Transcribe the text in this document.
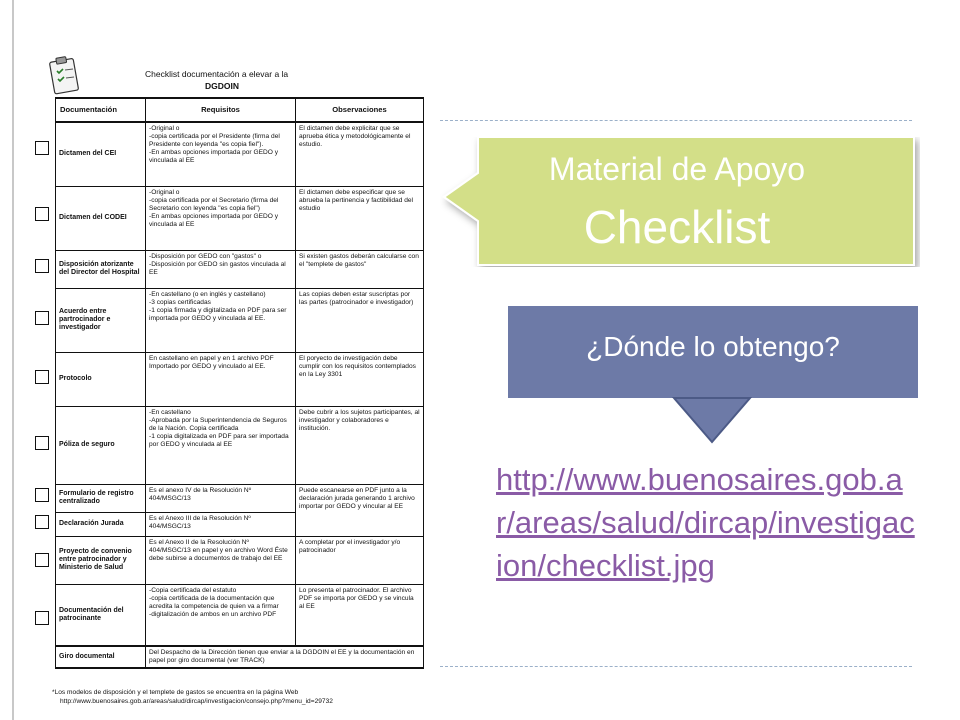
Checklist documentación a elevar a la
DGDOIN
Documentación	Requisitos	Observaciones
Dictamen del CEI	-Original o
-copia certificada por el Presidente (firma del Presidente con leyenda "es copia fiel").
-En ambas opciones importada por GEDO y vinculada al EE	El dictamen debe explicitar que se aprueba ética y metodológicamente el estudio.
Dictamen del CODEI	-Original o
-copia certificada por el Secretario (firma del Secretario con leyenda "es copia fiel")
-En ambas opciones importada por GEDO y vinculada al EE	El dictamen debe especificar que se abrueba la pertinencia y factibilidad del estudio
Disposición atorizante del Director del Hospital	-Disposición por GEDO con "gastos" o
-Disposición por GEDO sin gastos vinculada al EE	Si existen gastos deberán calcularse con el "templete de gastos"
Acuerdo entre partrocinador e investigador	-En castellano (o en inglés y castellano)
-3 copias certificadas
-1 copia firmada y digitalizada en PDF para ser importada por GEDO y vinculada al EE.	Las copias deben estar suscriptas por las partes (patrocinador e investigador)
Protocolo	En castellano en papel y en 1 archivo PDF
Importado por GEDO y vinculado al EE.	El poryecto de investigación debe cumplir con los requisitos contemplados en la Ley 3301
Póliza de seguro	-En castellano
-Aprobada por la Superintendencia de Seguros de la Nación. Copia certificada
-1 copia digitalizada en PDF para ser importada por GEDO y vinculada al EE	Debe cubrir a los sujetos participantes, al investigador y colaboradores e institución.
Formulario de registro centralizado	Es el anexo IV de la Resolución Nº 404/MSGC/13	Puede escanearse en PDF junto a la declaración jurada generando 1 archivo importar por GEDO y vincular al EE
Declaración Jurada	Es el Anexo III de la Resolución Nº 404/MSGC/13	
Proyecto de convenio entre patrocinador y Ministerio de Salud	Es el Anexo II de la Resolución Nº 404/MSGC/13 en papel y en archivo Word Éste debe subirse a documentos de trabajo del EE	A completar por el investigador y/o patrocinador
Documentación del patrocinante	-Copia certificada del estatuto
-copia certificada de la documentación que acredita la competencia de quien va a firmar
-digitalización de ambos en un archivo PDF	Lo presenta el patrocinador. El archivo PDF se importa por GEDO y se vincula al EE
Giro documental	Del Despacho de la Dirección tienen que enviar a la DGDOIN el EE y la documentación en papel por giro documental (ver TRACK)	
*Los modelos de disposición y el templete de gastos se encuentra en la página Web
http://www.buenosaires.gob.ar/areas/salud/dircap/investigacion/consejo.php?menu_id=29732
Material de Apoyo
Checklist
¿Dónde lo obtengo?
http://www.buenosaires.gob.ar/areas/salud/dircap/investigacion/checklist.jpg
